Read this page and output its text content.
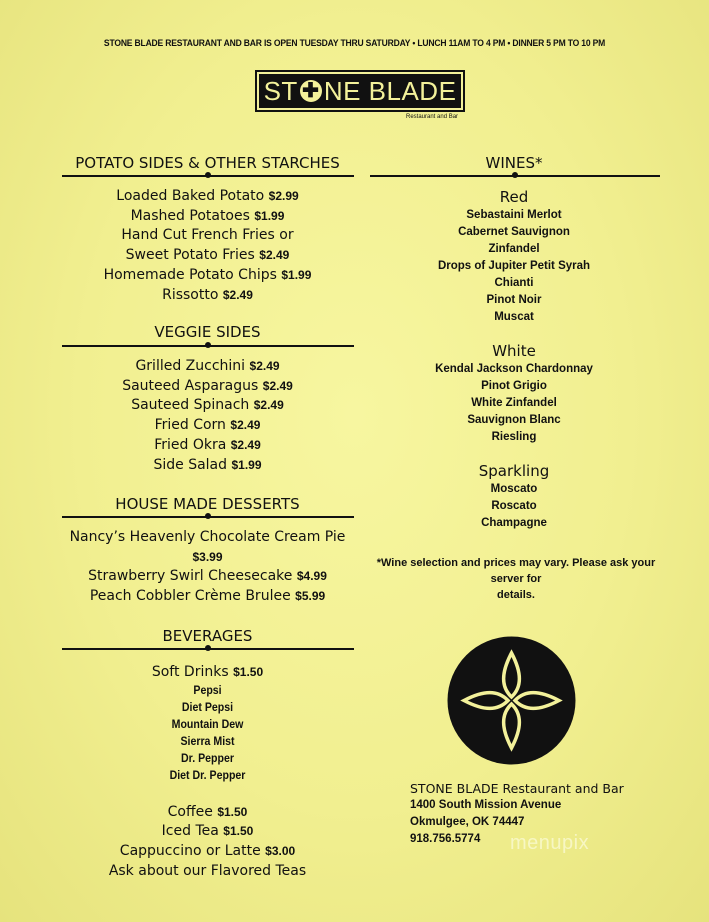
STONE BLADE RESTAURANT AND BAR IS OPEN TUESDAY THRU SATURDAY • LUNCH 11AM TO 4 PM • DINNER 5 PM TO 10 PM
ST ✚ NE BLADE
Restaurant and Bar
POTATO SIDES & OTHER STARCHES
Loaded Baked Potato $2.99
Mashed Potatoes $1.99
Hand Cut French Fries or
Sweet Potato Fries $2.49
Homemade Potato Chips $1.99
Rissotto $2.49
VEGGIE SIDES
Grilled Zucchini $2.49
Sauteed Asparagus $2.49
Sauteed Spinach $2.49
Fried Corn $2.49
Fried Okra $2.49
Side Salad $1.99
HOUSE MADE DESSERTS
Nancy’s Heavenly Chocolate Cream Pie
$3.99
Strawberry Swirl Cheesecake $4.99
Peach Cobbler Crème Brulee $5.99
BEVERAGES
Soft Drinks $1.50
Pepsi
Diet Pepsi
Mountain Dew
Sierra Mist
Dr. Pepper
Diet Dr. Pepper
Coffee $1.50
Iced Tea $1.50
Cappuccino or Latte $3.00
Ask about our Flavored Teas
WINES*
Red
Sebastaini Merlot
Cabernet Sauvignon
Zinfandel
Drops of Jupiter Petit Syrah
Chianti
Pinot Noir
Muscat
White
Kendal Jackson Chardonnay
Pinot Grigio
White Zinfandel
Sauvignon Blanc
Riesling
Sparkling
Moscato
Roscato
Champagne
*Wine selection and prices may vary. Please ask your server for
details.
STONE BLADE Restaurant and Bar
1400 South Mission Avenue
Okmulgee, OK 74447
918.756.5774	menupix
